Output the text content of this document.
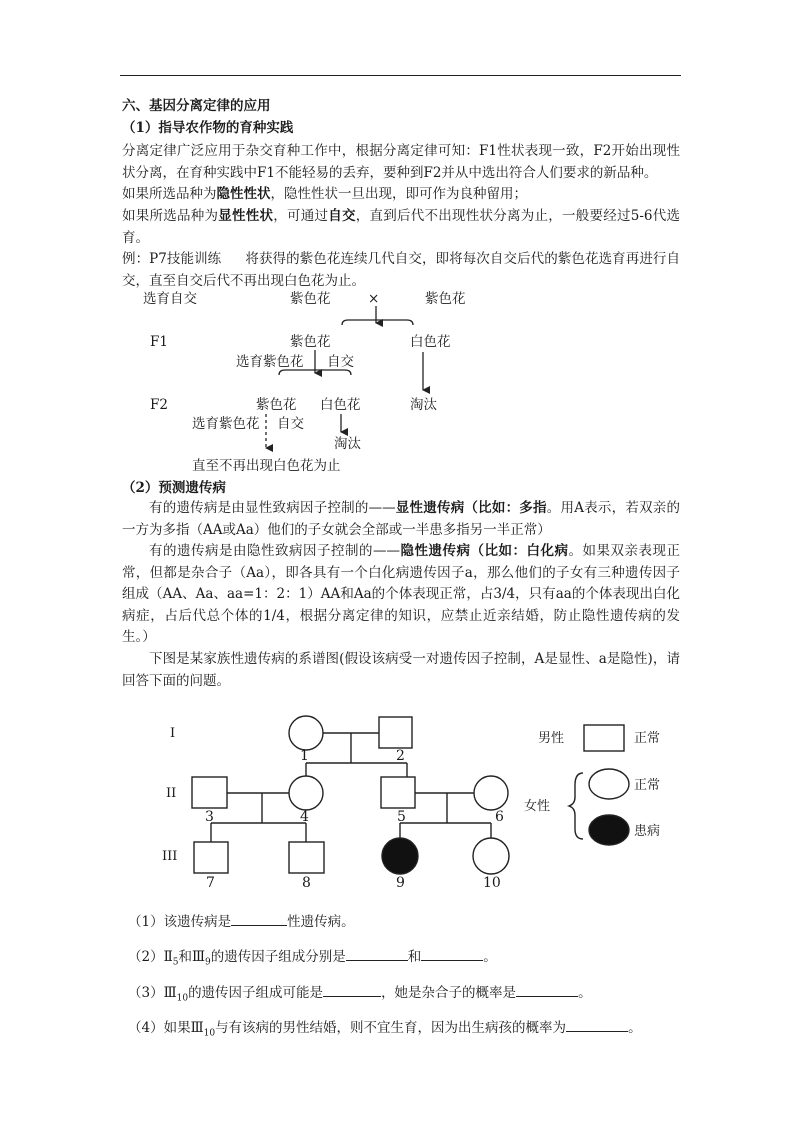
六、基因分离定律的应用
（1）指导农作物的育种实践
分离定律广泛应用于杂交育种工作中，根据分离定律可知：F1性状表现一致，F2开始出现性状分离，在育种实践中F1不能轻易的丢弃，要种到F2并从中选出符合人们要求的新品种。
如果所选品种为隐性性状，隐性性状一旦出现，即可作为良种留用；
如果所选品种为显性性状，可通过自交，直到后代不出现性状分离为止，一般要经过5-6代选育。
例：P7技能训练 将获得的紫色花连续几代自交，即将每次自交后代的紫色花选育再进行自交，直至自交后代不再出现白色花为止。
选育自交	紫色花	×	紫色花
F1	紫色花	白色花
选育紫色花 自交
F2	紫色花 白色花	淘汰
选育紫色花 自交
淘汰
直至不再出现白色花为止
（2）预测遗传病
有的遗传病是由显性致病因子控制的——显性遗传病（比如：多指。用A表示，若双亲的一方为多指（AA或Aa）他们的子女就会全部或一半患多指另一半正常）
有的遗传病是由隐性致病因子控制的——隐性遗传病（比如：白化病。如果双亲表现正常，但都是杂合子（Aa），即各具有一个白化病遗传因子a，那么他们的子女有三种遗传因子组成（AA、Aa、aa=1：2：1）AA和Aa的个体表现正常，占3/4，只有aa的个体表现出白化病症，占后代总个体的1/4，根据分离定律的知识，应禁止近亲结婚，防止隐性遗传病的发生。）
下图是某家族性遗传病的系谱图(假设该病受一对遗传因子控制，A是显性、a是隐性)，请回答下面的问题。
I
II
III
1	2
3	4	5	6
7	8	9	10
男性	正常
女性
正常
患病
（1）该遗传病是	性遗传病。
$(2)Ⅱ_5$和$Ⅲ_9$的遗传因子组成分别是	和	。
$(3)Ⅲ_{10}$的遗传因子组成可能是	，她是杂合子的概率是	。
（4）如果$Ⅲ_{10}$与有该病的男性结婚，则不宜生育，因为出生病孩的概率为	。
